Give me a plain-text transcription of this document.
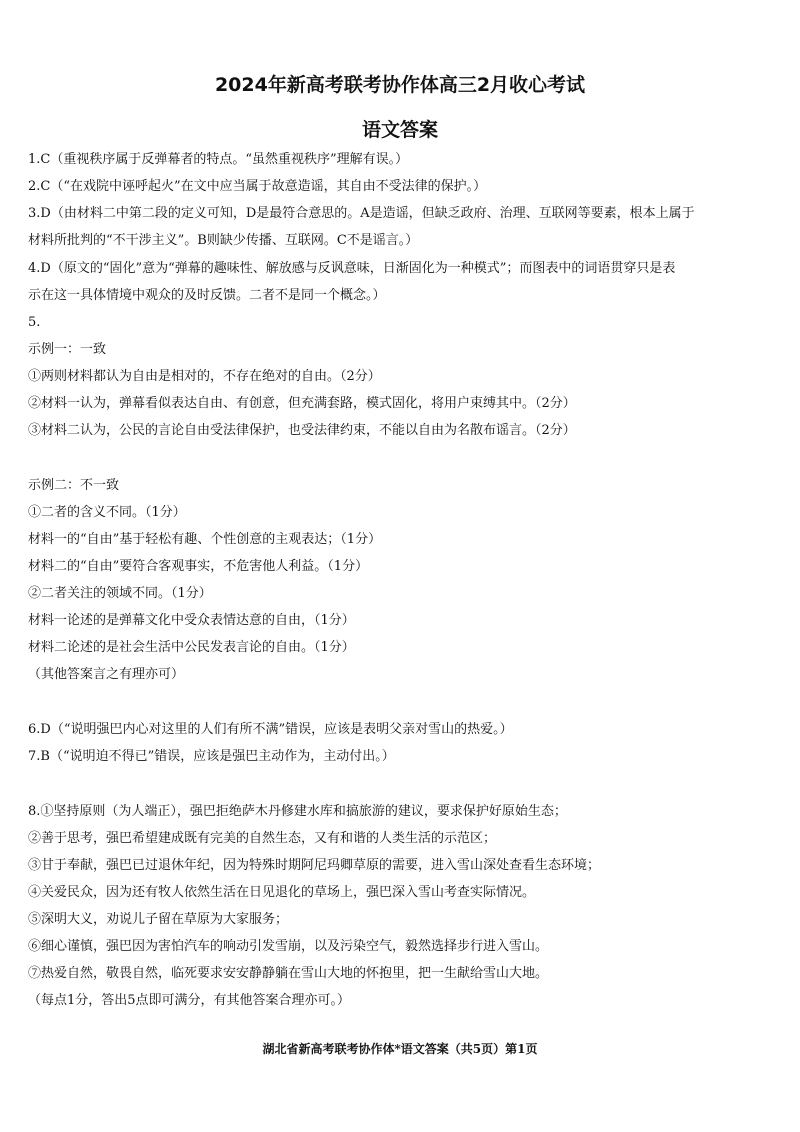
2024年新高考联考协作体高三2月收心考试
语文答案
1.C（重视秩序属于反弹幕者的特点。“虽然重视秩序”理解有误。）
2.C（“在戏院中诬呼起火”在文中应当属于故意造谣，其自由不受法律的保护。）
3.D（由材料二中第二段的定义可知，D是最符合意思的。A是造谣，但缺乏政府、治理、互联网等要素，根本上属于
材料所批判的“不干涉主义”。B则缺少传播、互联网。C不是谣言。）
4.D（原文的“固化”意为“弹幕的趣味性、解放感与反讽意味，日渐固化为一种模式”；而图表中的词语贯穿只是表
示在这一具体情境中观众的及时反馈。二者不是同一个概念。）
5.
示例一：一致
①两则材料都认为自由是相对的，不存在绝对的自由。（2分）
②材料一认为，弹幕看似表达自由、有创意，但充满套路，模式固化，将用户束缚其中。（2分）
③材料二认为，公民的言论自由受法律保护，也受法律约束，不能以自由为名散布谣言。（2分）
示例二：不一致
①二者的含义不同。（1分）
材料一的“自由”基于轻松有趣、个性创意的主观表达；（1分）
材料二的“自由”要符合客观事实，不危害他人利益。（1分）
②二者关注的领域不同。（1分）
材料一论述的是弹幕文化中受众表情达意的自由，（1分）
材料二论述的是社会生活中公民发表言论的自由。（1分）
（其他答案言之有理亦可）
6.D（“说明强巴内心对这里的人们有所不满”错误，应该是表明父亲对雪山的热爱。）
7.B（“说明迫不得已”错误，应该是强巴主动作为，主动付出。）
8.①坚持原则（为人端正），强巴拒绝萨木丹修建水库和搞旅游的建议，要求保护好原始生态；
②善于思考，强巴希望建成既有完美的自然生态，又有和谐的人类生活的示范区；
③甘于奉献，强巴已过退休年纪，因为特殊时期阿尼玛卿草原的需要，进入雪山深处查看生态环境；
④关爱民众，因为还有牧人依然生活在日见退化的草场上，强巴深入雪山考查实际情况。
⑤深明大义，劝说儿子留在草原为大家服务；
⑥细心谨慎，强巴因为害怕汽车的响动引发雪崩，以及污染空气，毅然选择步行进入雪山。
⑦热爱自然，敬畏自然，临死要求安安静静躺在雪山大地的怀抱里，把一生献给雪山大地。
（每点1分，答出5点即可满分，有其他答案合理亦可。）
湖北省新高考联考协作体*语文答案（共5页）第1页
